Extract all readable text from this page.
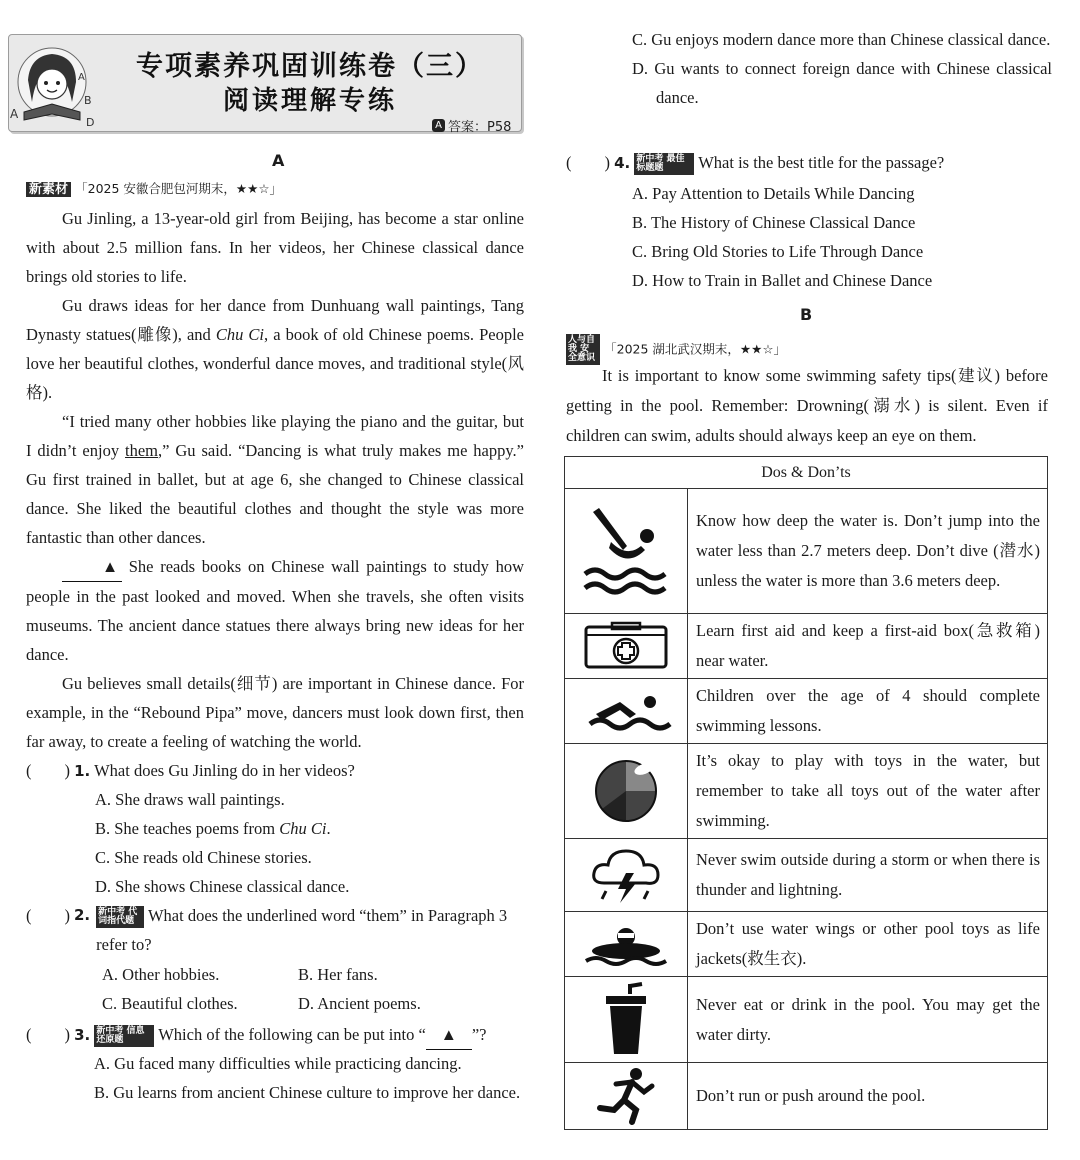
A
B
D
A	专项素养巩固训练卷（三）
阅读理解专练
A 答案：P58
A
新素材 「2025 安徽合肥包河期末，★★☆」

Gu Jinling, a 13-year-old girl from Beijing, has become a star online with about 2.5 million fans. In her videos, her Chinese classical dance brings old stories to life.

Gu draws ideas for her dance from Dunhuang wall paintings, Tang Dynasty statues(雕像), and Chu Ci, a book of old Chinese poems. People love her beautiful clothes, wonderful dance moves, and traditional style(风格).

“I tried many other hobbies like playing the piano and the guitar, but I didn’t enjoy them,” Gu said. “Dancing is what truly makes me happy.” Gu first trained in ballet, but at age 6, she changed to Chinese classical dance. She liked the beautiful clothes and thought the style was more fantastic than other dances.

▲ She reads books on Chinese wall paintings to study how people in the past looked and moved. When she travels, she often visits museums. The ancient dance statues there always bring new ideas for her dance.

Gu believes small details(细节) are important in Chinese dance. For example, in the “Rebound Pipa” move, dancers must look down first, then far away, to create a feeling of watching the world.

(　　) 1. What does Gu Jinling do in her videos?
A. She draws wall paintings.
B. She teaches poems from Chu Ci.
C. She reads old Chinese stories.
D. She shows Chinese classical dance.
(　　) 2. 新中考 代词指代题 What does the underlined word “them” in Paragraph 3 refer to?
A. Other hobbies.	B. Her fans.
C. Beautiful clothes.	D. Ancient poems.
(　　) 3. 新中考 信息还原题 Which of the following can be put into “ ▲ ”?
A. Gu faced many difficulties while practicing dancing.
B. Gu learns from ancient Chinese culture to improve her dance.
C. Gu enjoys modern dance more than Chinese classical dance.
D. Gu wants to connect foreign dance with Chinese classical dance.
(　　) 4. 新中考 最佳标题题 What is the best title for the passage?
A. Pay Attention to Details While Dancing
B. The History of Chinese Classical Dance
C. Bring Old Stories to Life Through Dance
D. How to Train in Ballet and Chinese Dance
B
人与自我 安全意识 「2025 湖北武汉期末，★★☆」

It is important to know some swimming safety tips(建议) before getting in the pool. Remember: Drowning(溺水) is silent. Even if children can swim, adults should always keep an eye on them.

Dos & Don’ts	

	Know how deep the water is. Don’t jump into the water less than 2.7 meters deep. Don’t dive (潜水) unless the water is more than 3.6 meters deep.

	Learn first aid and keep a first-aid box(急救箱) near water.

	Children over the age of 4 should complete swimming lessons.

	It’s okay to play with toys in the water, but remember to take all toys out of the water after swimming.

	Never swim outside during a storm or when there is thunder and lightning.

	Don’t use water wings or other pool toys as life jackets(救生衣).

	Never eat or drink in the pool. You may get the water dirty.

	Don’t run or push around the pool.
